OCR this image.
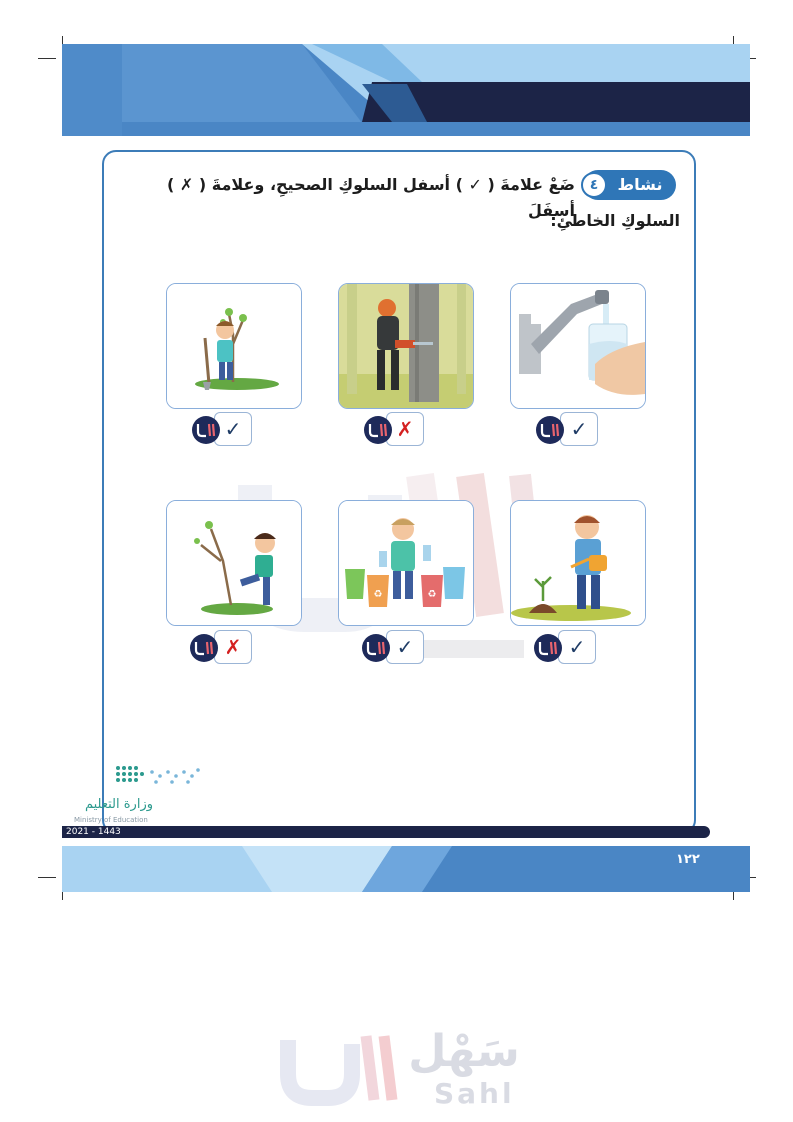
نشاط
٤
ضَعْ علامةَ ( ✓ ) أسفل السلوكِ الصحيحِ، وعلامةَ ( ✗ ) أسفَلَ
السلوكِ الخاطئِ:
✓
✗
✓
♻	♻
✓
✓
✗
وزارة التعليم
Ministry of Education
2021 - 1443
١٢٢
سَهْل
Sahl
